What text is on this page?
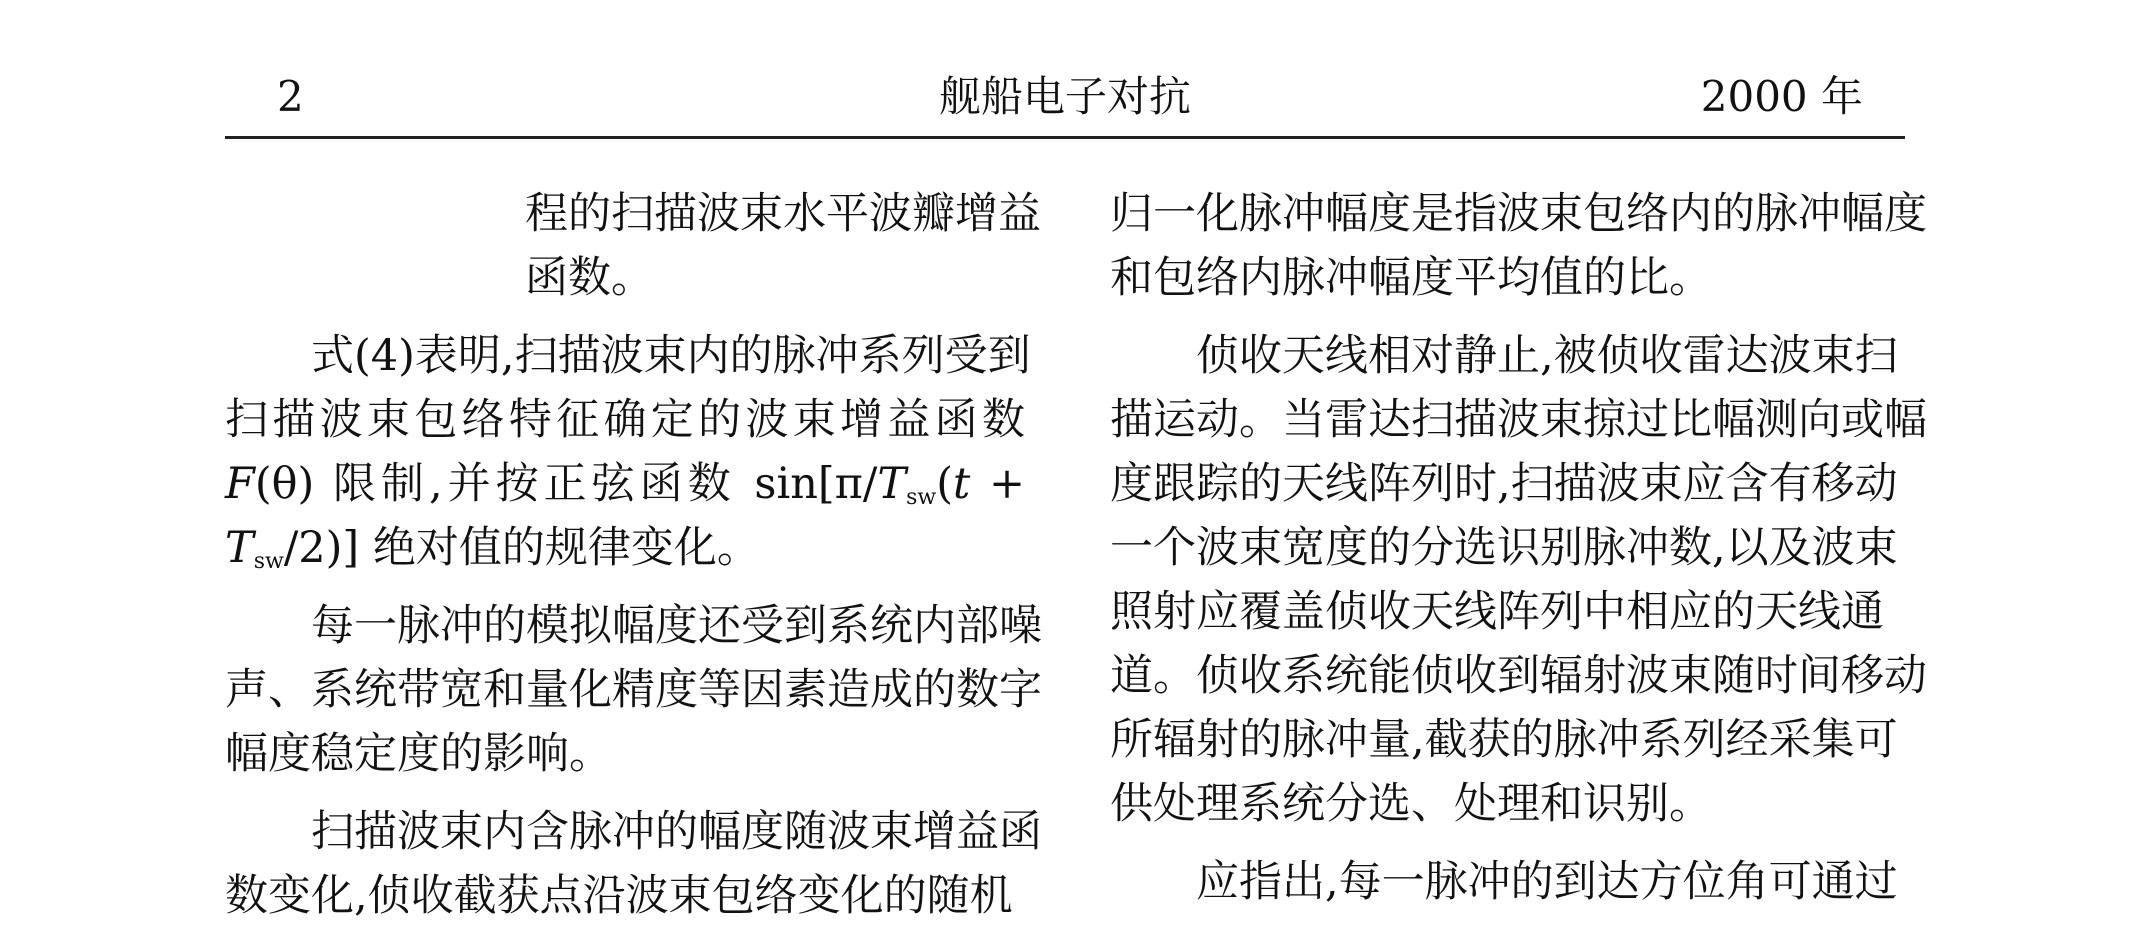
2	舰船电子对抗	2000 年

程的扫描波束水平波瓣增益
函数。

式(4)表明,扫描波束内的脉冲系列受到
扫描波束包络特征确定的波束增益函数
F(θ) 限制,并按正弦函数 $\sin[\pi/T_{sw}(t$ +
$T_{sw}/2$)] 绝对值的规律变化。

每一脉冲的模拟幅度还受到系统内部噪
声、系统带宽和量化精度等因素造成的数字
幅度稳定度的影响。

扫描波束内含脉冲的幅度随波束增益函
数变化,侦收截获点沿波束包络变化的随机

归一化脉冲幅度是指波束包络内的脉冲幅度
和包络内脉冲幅度平均值的比。

侦收天线相对静止,被侦收雷达波束扫
描运动。当雷达扫描波束掠过比幅测向或幅
度跟踪的天线阵列时,扫描波束应含有移动
一个波束宽度的分选识别脉冲数,以及波束
照射应覆盖侦收天线阵列中相应的天线通
道。侦收系统能侦收到辐射波束随时间移动
所辐射的脉冲量,截获的脉冲系列经采集可
供处理系统分选、处理和识别。

应指出,每一脉冲的到达方位角可通过
